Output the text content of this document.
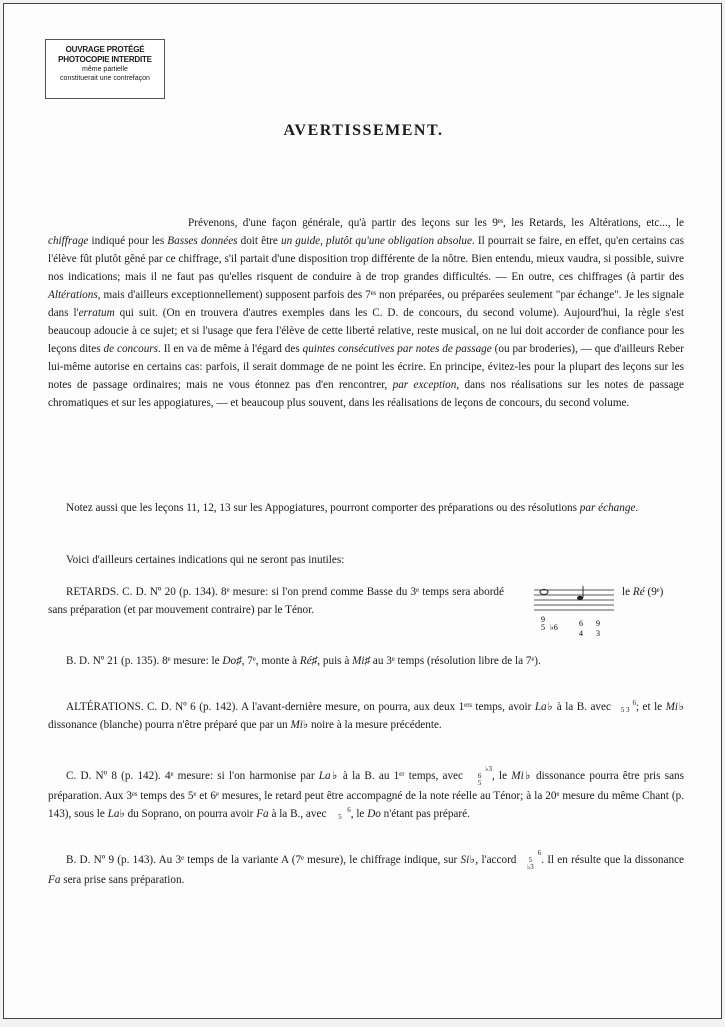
OUVRAGE PROTÉGÉ
PHOTOCOPIE INTERDITE
même partielle
constituerait une contrefaçon
AVERTISSEMENT.
Prévenons, d'une façon générale, qu'à partir des leçons sur les 9ᵉˢ, les Retards, les Altérations, etc..., le chiffrage indiqué pour les Basses données doit être un guide, plutôt qu'une obligation absolue. Il pourrait se faire, en effet, qu'en certains cas l'élève fût plutôt gêné par ce chiffrage, s'il partait d'une disposition trop différente de la nôtre. Bien entendu, mieux vaudra, si possible, suivre nos indications; mais il ne faut pas qu'elles risquent de conduire à de trop grandes difficultés. — En outre, ces chiffrages (à partir des Altérations, mais d'ailleurs exceptionnellement) supposent parfois des 7ᵉˢ non préparées, ou préparées seulement "par échange". Je les signale dans l'erratum qui suit. (On en trouvera d'autres exemples dans les C. D. de concours, du second volume). Aujourd'hui, la règle s'est beaucoup adoucie à ce sujet; et si l'usage que fera l'élève de cette liberté relative, reste musical, on ne lui doit accorder de confiance pour les leçons dites de concours. Il en va de même à l'égard des quintes consécutives par notes de passage (ou par broderies), — que d'ailleurs Reber lui-même autorise en certains cas: parfois, il serait dommage de ne point les écrire. En principe, évitez-les pour la plupart des leçons sur les notes de passage ordinaires; mais ne vous étonnez pas d'en rencontrer, par exception, dans nos réalisations sur les notes de passage chromatiques et sur les appogiatures, — et beaucoup plus souvent, dans les réalisations de leçons de concours, du second volume.
Notez aussi que les leçons 11, 12, 13 sur les Appogiatures, pourront comporter des préparations ou des résolutions par échange.
Voici d'ailleurs certaines indications qui ne seront pas inutiles:
RETARDS. C. D. Nº 20 (p. 134). 8ᵉ mesure: si l'on prend comme Basse du 3ᵉ temps sera abordé sans préparation (et par mouvement contraire) par le Ténor.
le Ré (9ᵉ)
9
5 ♭6	6
4
9
3
B. D. Nº 21 (p. 135). 8ᵉ mesure: le Do♯, 7ᵉ, monte à Ré♯, puis à Mi♯ au 3ᵉ temps (résolution libre de la 7ᵉ).
ALTÉRATIONS. C. D. Nº 6 (p. 142). A l'avant-dernière mesure, on pourra, aux deux 1ᵉʳˢ temps, avoir La♭ à la B. avec	6
5 3 ; et le Mi♭ dissonance (blanche) pourra n'être préparé que par un Mi♭ noire à la mesure précédente.
C. D. Nº 8 (p. 142). 4ᵉ mesure: si l'on harmonise par La♭ à la B. au 1ᵉʳ temps, avec ♭3
6
5, le Mi♭ dissonance pourra être pris sans préparation. Aux 3ᵉˢ temps des 5ᵉ et 6ᵉ mesures, le retard peut être accompagné de la note réelle au Ténor; à la 20ᵉ mesure du même Chant (p. 143), sous le La♭ du Soprano, on pourra avoir Fa à la B., avec	6
5 , le Do n'étant pas préparé.
B. D. Nº 9 (p. 143). Au 3ᵉ temps de la variante A (7ᵉ mesure), le chiffrage indique, sur Si♭, l'accord 6
5
♭3. Il en résulte que la dissonance Fa sera prise sans préparation.
